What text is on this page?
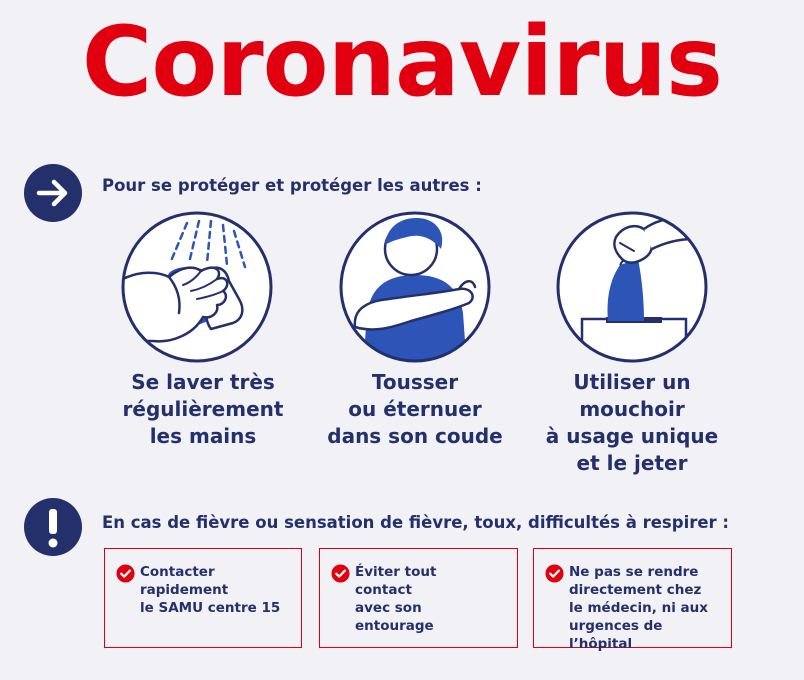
Coronavirus
Pour se protéger et protéger les autres :
Se laver très
régulièrement
les mains
Tousser
ou éternuer
dans son coude
Utiliser un
mouchoir
à usage unique
et le jeter
En cas de fièvre ou sensation de fièvre, toux, difficultés à respirer :
Contacter
rapidement
le SAMU centre 15
Éviter tout
contact
avec son
entourage
Ne pas se rendre
directement chez
le médecin, ni aux
urgences de l’hôpital
